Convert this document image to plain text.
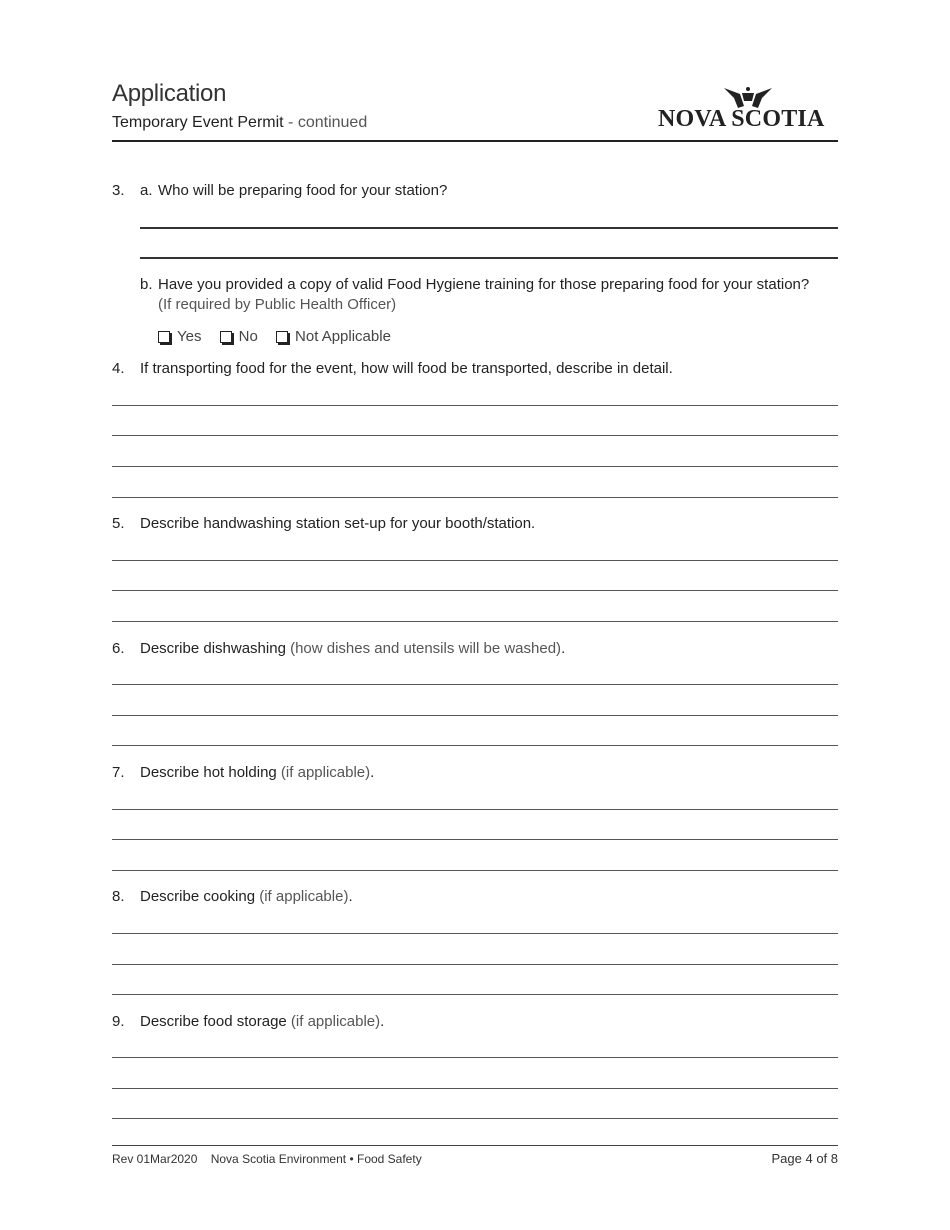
Application
Temporary Event Permit - continued	NOVA SCOTIA
3. a. Who will be preparing food for your station?
b. Have you provided a copy of valid Food Hygiene training for those preparing food for your station?
(If required by Public Health Officer)
Yes
No
Not Applicable
4. If transporting food for the event, how will food be transported, describe in detail.
5. Describe handwashing station set-up for your booth/station.
6. Describe dishwashing (how dishes and utensils will be washed).
7. Describe hot holding (if applicable).
8. Describe cooking (if applicable).
9. Describe food storage (if applicable).
Rev 01Mar2020    Nova Scotia Environment • Food Safety	Page 4 of 8
